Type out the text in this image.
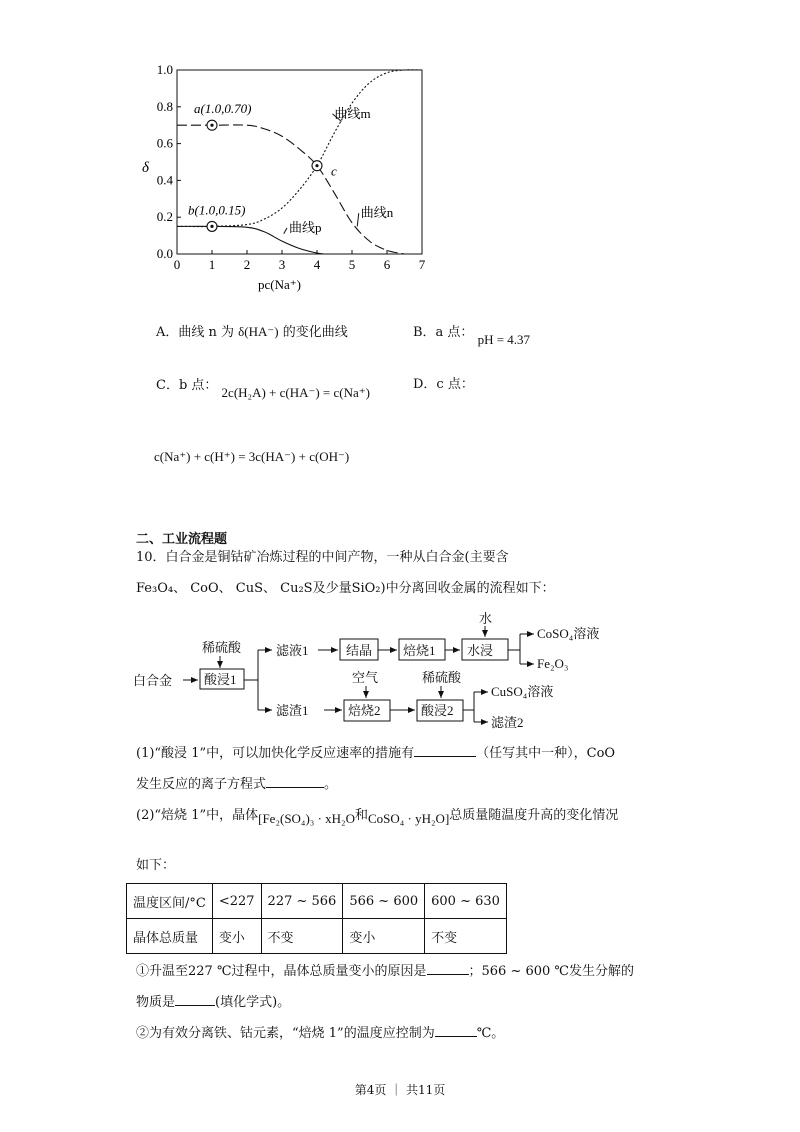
0 1 2 3 4 5 6 7
0.0
0.2
0.4
0.6
0.8
1.0
pc(Na⁺)
δ
曲线m
曲线n
曲线p
a(1.0,0.70)
b(1.0,0.15)
c
A．曲线 n 为 δ(HA⁻) 的变化曲线	B．a 点： pH = 4.37
C．b 点： 2c(H₂A) + c(HA⁻) = c(Na⁺)
D．c 点：
c(Na⁺) + c(H⁺) = 3c(HA⁻) + c(OH⁻)
二、工业流程题
10．白合金是铜钴矿冶炼过程的中间产物，一种从白合金(主要含
Fe₃O₄、 CoO、 CuS、 Cu₂S及少量SiO₂)中分离回收金属的流程如下：
白合金
稀硫酸
酸浸1
滤液1	结晶 焙烧1
水
水浸
CoSO₄溶液
Fe₂O₃
滤渣1
空气
焙烧2
稀硫酸
酸浸2
CuSO₄溶液
滤渣2
(1)“酸浸 1”中，可以加快化学反应速率的措施有	（任写其中一种），CoO
发生反应的离子方程式	。
(2)“焙烧 1”中，晶体[Fe₂(SO₄)₃ · xH₂O和CoSO₄ · yH₂O]总质量随温度升高的变化情况
如下：
温度区间/°C	<227	227 ~ 566	566 ~ 600	600 ~ 630
晶体总质量	变小	不变	变小	不变
①升温至227 ℃过程中，晶体总质量变小的原因是	；566 ~ 600 ℃发生分解的
物质是	(填化学式)。
②为有效分离铁、钴元素，“焙烧 1”的温度应控制为	℃。
第4页 ｜ 共11页
